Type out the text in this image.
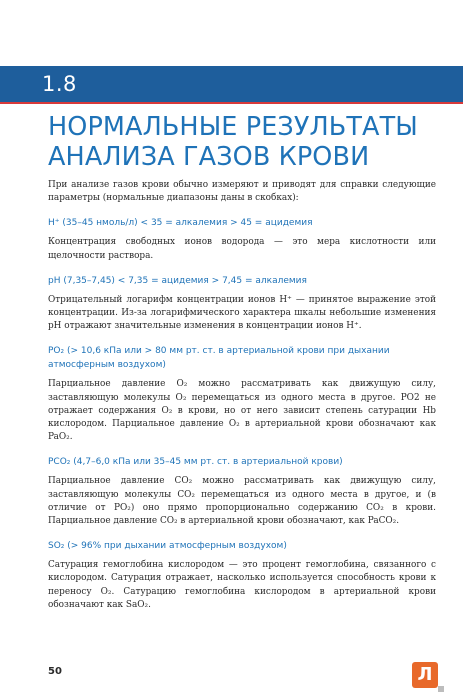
1.8
НОРМАЛЬНЫЕ РЕЗУЛЬТАТЫ
АНАЛИЗА ГАЗОВ КРОВИ

При анализе газов крови обычно измеряют и приводят для справки следующие параметры (нормальные диапазоны даны в скобках):

H⁺ (35–45 нмоль/л) < 35 = алкалемия > 45 = ацидемия

Концентрация свободных ионов водорода — это мера кислотности или щелочности раствора.

pH (7,35–7,45) < 7,35 = ацидемия > 7,45 = алкалемия

Отрицательный логарифм концентрации ионов H⁺ — принятое выражение этой концентрации. Из-за логарифмического характера шкалы небольшие изменения pH отражают значительные изменения в концентрации ионов H⁺.

PO₂ (> 10,6 кПа или > 80 мм рт. ст. в артериальной крови при дыхании
атмосферным воздухом)

Парциальное давление O₂ можно рассматривать как движущую силу, заставляющую молекулы O₂ перемещаться из одного места в другое. PO2 не отражает содержания O₂ в крови, но от него зависит степень сатурации Hb кислородом. Парциальное давление O₂ в артериальной крови обозначают как PaO₂.

PCO₂ (4,7–6,0 кПа или 35–45 мм рт. ст. в артериальной крови)

Парциальное давление CO₂ можно рассматривать как движущую силу, заставляющую молекулы CO₂ перемещаться из одного места в другое, и (в отличие от PO₂) оно прямо пропорционально содержанию CO₂ в крови. Парциальное давление CO₂ в артериальной крови обозначают, как PaCO₂.

SO₂ (> 96% при дыхании атмосферным воздухом)

Сатурация гемоглобина кислородом — это процент гемоглобина, связанного с кислородом. Сатурация отражает, насколько используется способность крови к переносу O₂. Сатурацию гемоглобина кислородом в артериальной крови обозначают как SaO₂.

50	Л
